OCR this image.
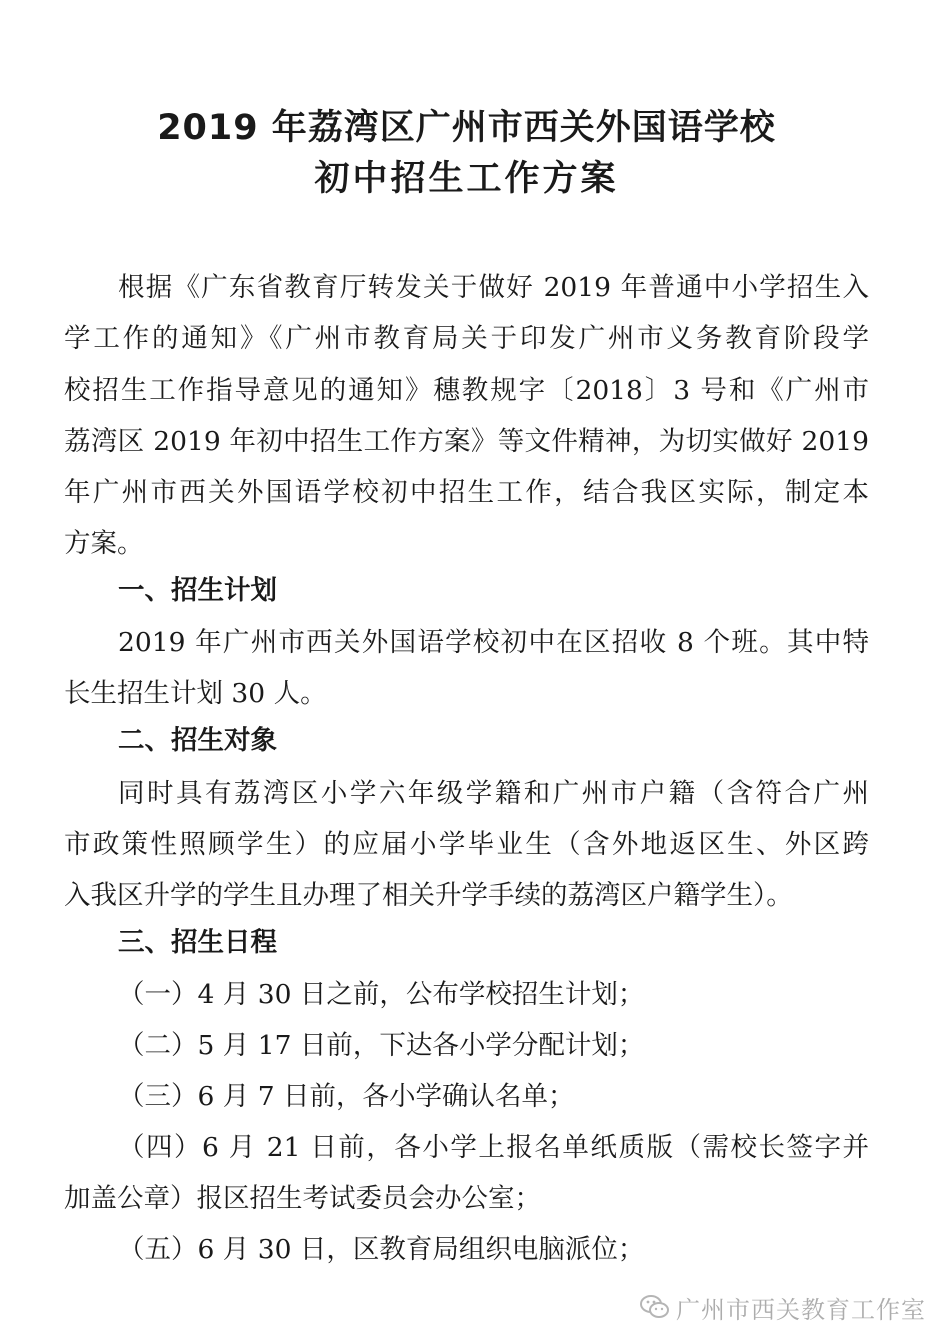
2019 年荔湾区广州市西关外国语学校
初中招生工作方案

根据《广东省教育厅转发关于做好 2019 年普通中小学招生入

学工作的通知》《广州市教育局关于印发广州市义务教育阶段学

校招生工作指导意见的通知》穗教规字〔2018〕3 号和《广州市

荔湾区 2019 年初中招生工作方案》等文件精神，为切实做好 2019

年广州市西关外国语学校初中招生工作，结合我区实际，制定本

方案。

一、招生计划

2019 年广州市西关外国语学校初中在区招收 8 个班。其中特

长生招生计划 30 人。

二、招生对象

同时具有荔湾区小学六年级学籍和广州市户籍（含符合广州

市政策性照顾学生）的应届小学毕业生（含外地返区生、外区跨

入我区升学的学生且办理了相关升学手续的荔湾区户籍学生）。

三、招生日程

（一）4 月 30 日之前，公布学校招生计划；

（二）5 月 17 日前，下达各小学分配计划；

（三）6 月 7 日前，各小学确认名单；

（四）6 月 21 日前，各小学上报名单纸质版（需校长签字并

加盖公章）报区招生考试委员会办公室；

（五）6 月 30 日，区教育局组织电脑派位；

广州市西关教育工作室
